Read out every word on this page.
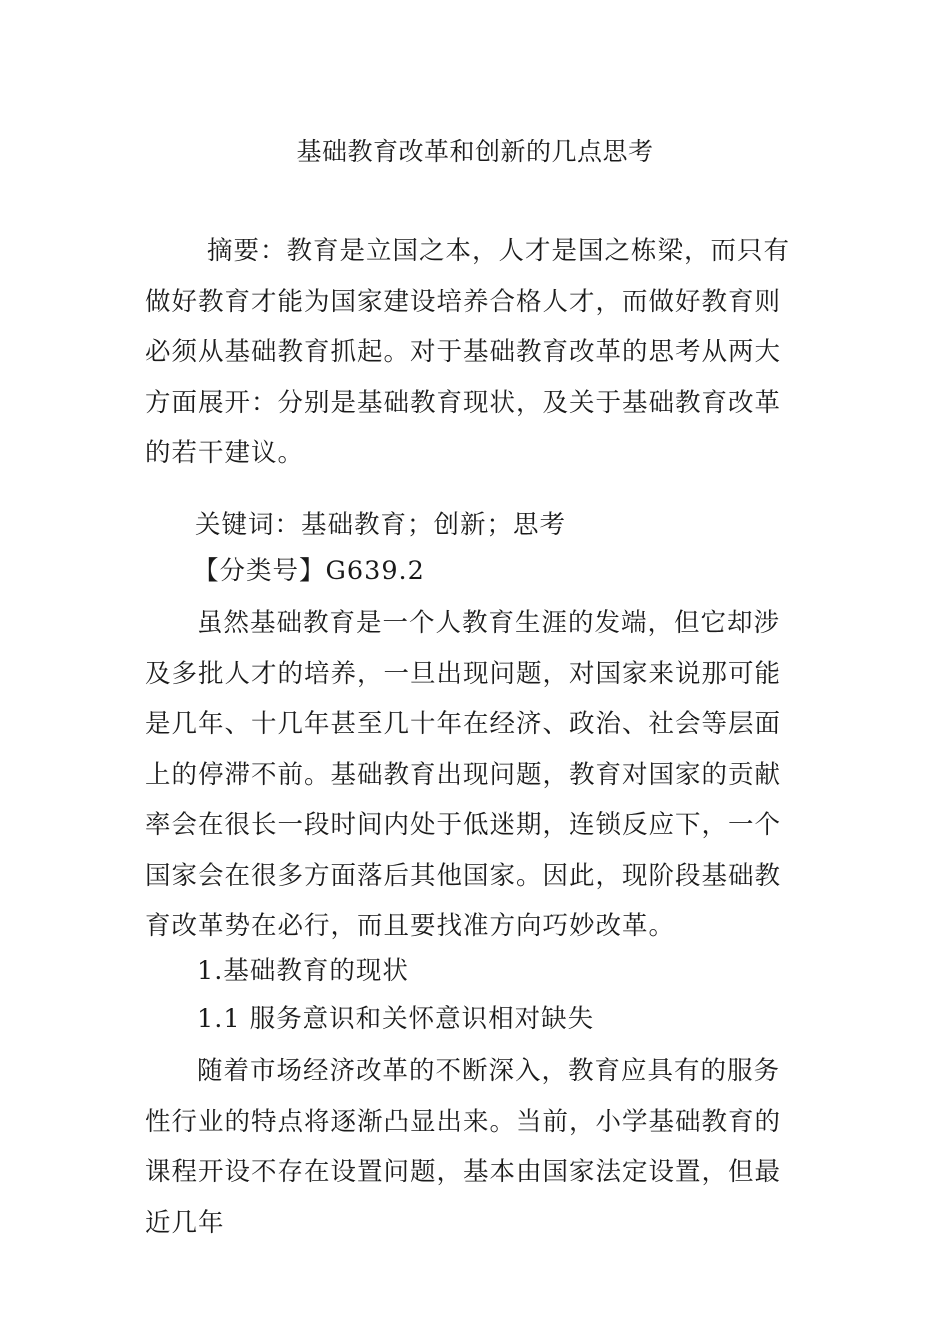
基础教育改革和创新的几点思考
摘要：教育是立国之本，人才是国之栋梁，而只有做好教育才能为国家建设培养合格人才，而做好教育则必须从基础教育抓起。对于基础教育改革的思考从两大方面展开：分别是基础教育现状，及关于基础教育改革的若干建议。
关键词：基础教育；创新；思考
【分类号】G639.2
虽然基础教育是一个人教育生涯的发端，但它却涉及多批人才的培养，一旦出现问题，对国家来说那可能是几年、十几年甚至几十年在经济、政治、社会等层面上的停滞不前。基础教育出现问题，教育对国家的贡献率会在很长一段时间内处于低迷期，连锁反应下，一个国家会在很多方面落后其他国家。因此，现阶段基础教育改革势在必行，而且要找准方向巧妙改革。
1.基础教育的现状
1.1 服务意识和关怀意识相对缺失
随着市场经济改革的不断深入，教育应具有的服务性行业的特点将逐渐凸显出来。当前，小学基础教育的课程开设不存在设置问题，基本由国家法定设置，但最近几年
